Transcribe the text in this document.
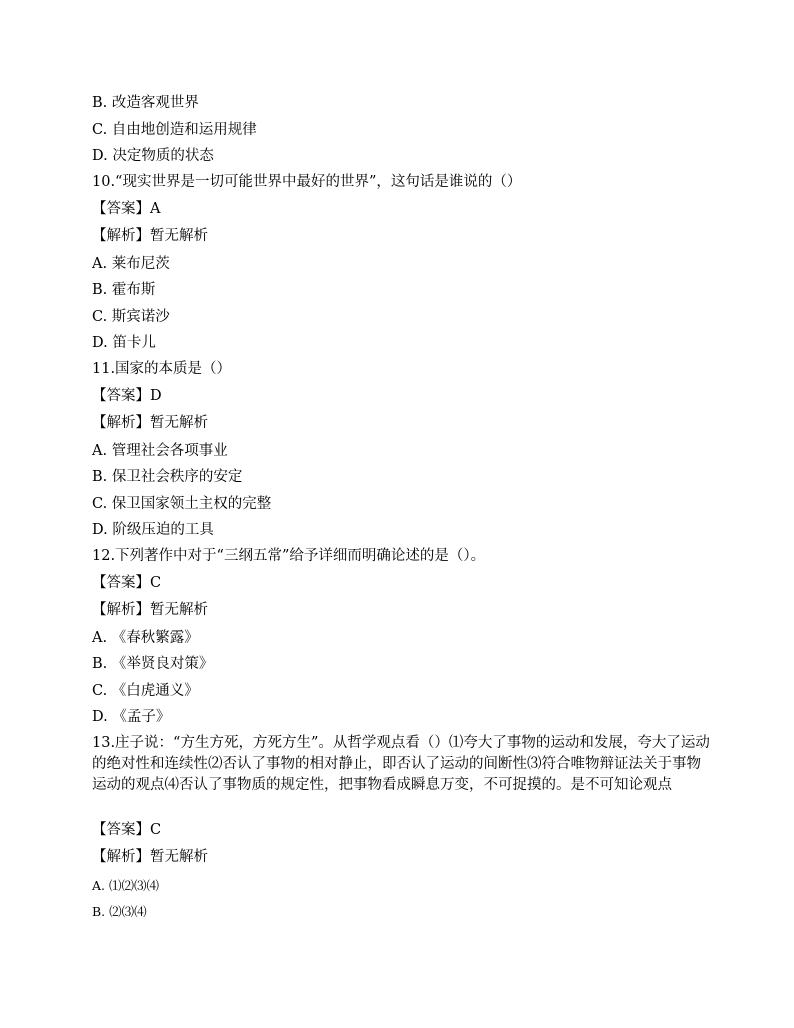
B. 改造客观世界
C. 自由地创造和运用规律
D. 决定物质的状态
10.“现实世界是一切可能世界中最好的世界”，这句话是谁说的（）
【答案】A
【解析】暂无解析
A. 莱布尼茨
B. 霍布斯
C. 斯宾诺沙
D. 笛卡儿
11.国家的本质是（）
【答案】D
【解析】暂无解析
A. 管理社会各项事业
B. 保卫社会秩序的安定
C. 保卫国家领土主权的完整
D. 阶级压迫的工具
12.下列著作中对于“三纲五常”给予详细而明确论述的是（）。
【答案】C
【解析】暂无解析
A. 《春秋繁露》
B. 《举贤良对策》
C. 《白虎通义》
D. 《孟子》
13.庄子说：“方生方死，方死方生”。从哲学观点看（）⑴夸大了事物的运动和发展，夸大了运动的绝对性和连续性⑵否认了事物的相对静止，即否认了运动的间断性⑶符合唯物辩证法关于事物运动的观点⑷否认了事物质的规定性，把事物看成瞬息万变，不可捉摸的。是不可知论观点
【答案】C
【解析】暂无解析
A. ⑴⑵⑶⑷
B. ⑵⑶⑷
